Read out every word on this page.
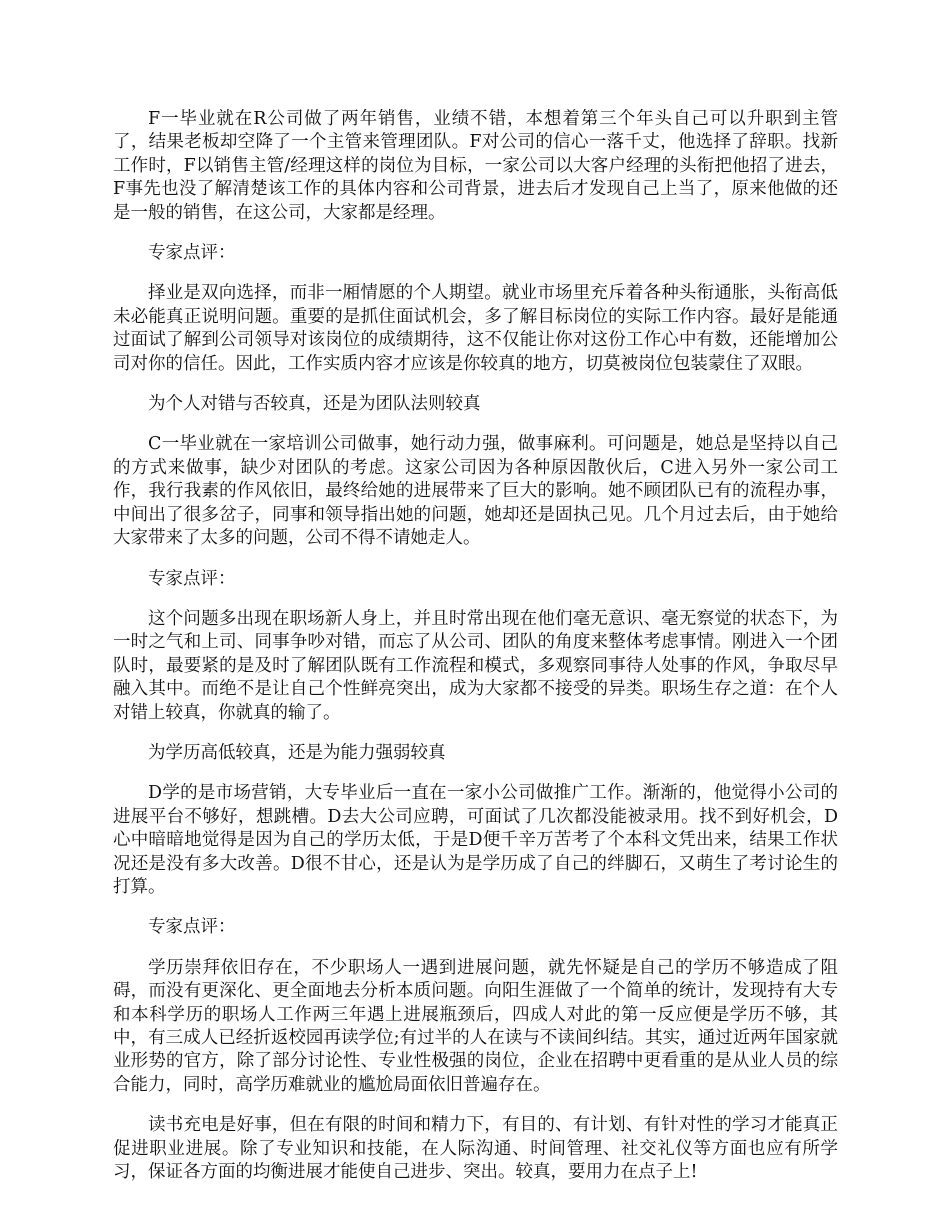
F一毕业就在R公司做了两年销售，业绩不错，本想着第三个年头自己可以升职到主管了，结果老板却空降了一个主管来管理团队。F对公司的信心一落千丈，他选择了辞职。找新工作时，F以销售主管/经理这样的岗位为目标，一家公司以大客户经理的头衔把他招了进去，F事先也没了解清楚该工作的具体内容和公司背景，进去后才发现自己上当了，原来他做的还是一般的销售，在这公司，大家都是经理。

专家点评：

择业是双向选择，而非一厢情愿的个人期望。就业市场里充斥着各种头衔通胀，头衔高低未必能真正说明问题。重要的是抓住面试机会，多了解目标岗位的实际工作内容。最好是能通过面试了解到公司领导对该岗位的成绩期待，这不仅能让你对这份工作心中有数，还能增加公司对你的信任。因此，工作实质内容才应该是你较真的地方，切莫被岗位包装蒙住了双眼。

为个人对错与否较真，还是为团队法则较真

C一毕业就在一家培训公司做事，她行动力强，做事麻利。可问题是，她总是坚持以自己的方式来做事，缺少对团队的考虑。这家公司因为各种原因散伙后，C进入另外一家公司工作，我行我素的作风依旧，最终给她的进展带来了巨大的影响。她不顾团队已有的流程办事，中间出了很多岔子，同事和领导指出她的问题，她却还是固执己见。几个月过去后，由于她给大家带来了太多的问题，公司不得不请她走人。

专家点评：

这个问题多出现在职场新人身上，并且时常出现在他们毫无意识、毫无察觉的状态下，为一时之气和上司、同事争吵对错，而忘了从公司、团队的角度来整体考虑事情。刚进入一个团队时，最要紧的是及时了解团队既有工作流程和模式，多观察同事待人处事的作风，争取尽早融入其中。而绝不是让自己个性鲜亮突出，成为大家都不接受的异类。职场生存之道：在个人对错上较真，你就真的输了。

为学历高低较真，还是为能力强弱较真

D学的是市场营销，大专毕业后一直在一家小公司做推广工作。渐渐的，他觉得小公司的进展平台不够好，想跳槽。D去大公司应聘，可面试了几次都没能被录用。找不到好机会，D心中暗暗地觉得是因为自己的学历太低，于是D便千辛万苦考了个本科文凭出来，结果工作状况还是没有多大改善。D很不甘心，还是认为是学历成了自己的绊脚石，又萌生了考讨论生的打算。

专家点评：

学历崇拜依旧存在，不少职场人一遇到进展问题，就先怀疑是自己的学历不够造成了阻碍，而没有更深化、更全面地去分析本质问题。向阳生涯做了一个简单的统计，发现持有大专和本科学历的职场人工作两三年遇上进展瓶颈后，四成人对此的第一反应便是学历不够，其中，有三成人已经折返校园再读学位;有过半的人在读与不读间纠结。其实，通过近两年国家就业形势的官方，除了部分讨论性、专业性极强的岗位，企业在招聘中更看重的是从业人员的综合能力，同时，高学历难就业的尴尬局面依旧普遍存在。

读书充电是好事，但在有限的时间和精力下，有目的、有计划、有针对性的学习才能真正促进职业进展。除了专业知识和技能，在人际沟通、时间管理、社交礼仪等方面也应有所学习，保证各方面的均衡进展才能使自己进步、突出。较真，要用力在点子上!
